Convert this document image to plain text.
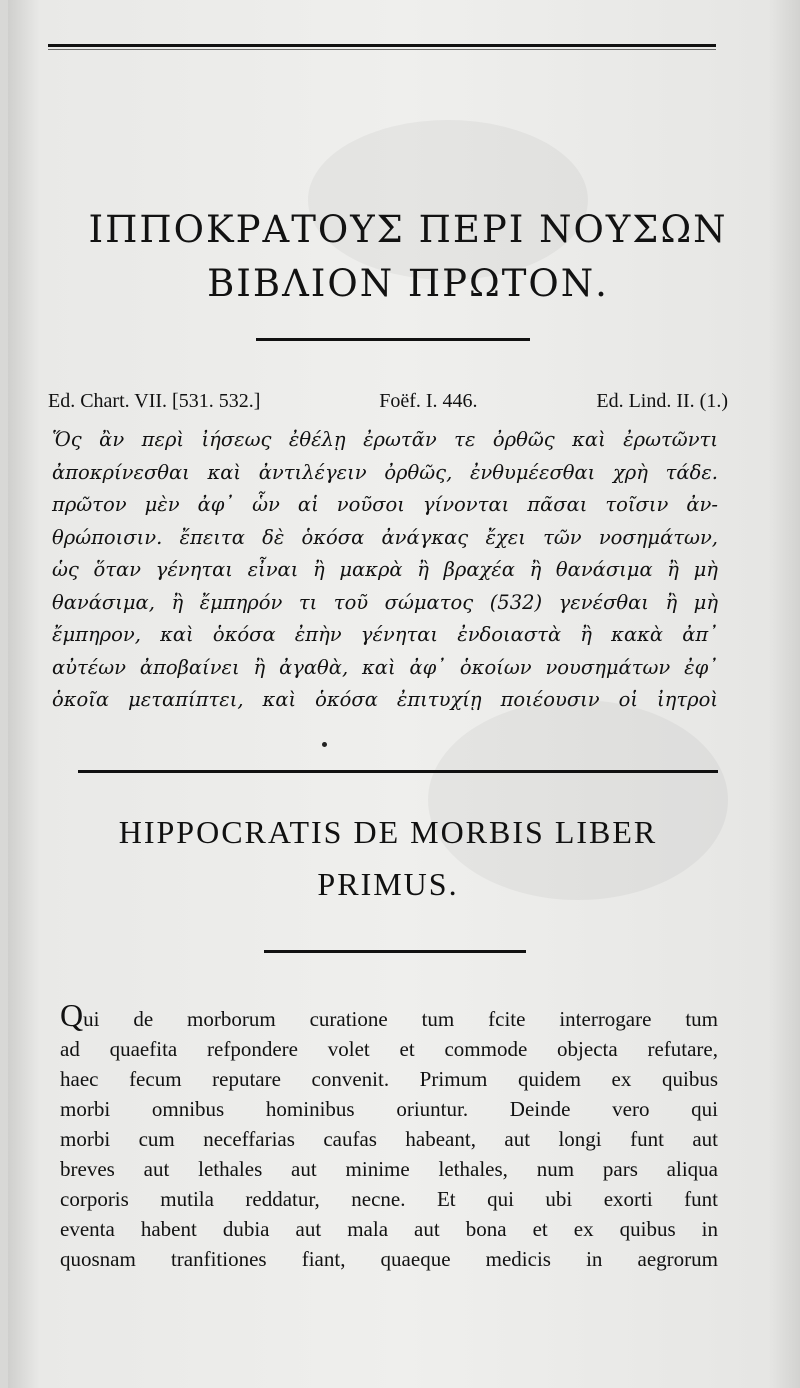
ΙΠΠΟΚΡΑΤΟΥΣ ΠΕΡΙ ΝΟΥΣΩΝ
ΒΙΒΛΙΟΝ ΠΡΩΤΟΝ.
Ed. Chart. VII. [531. 532.]	Foëf. I. 446.	Ed. Lind. II. (1.)
Ὅς ἂν περὶ ἰήσεως ἐθέλῃ ἐρωτᾶν τε ὀρθῶς καὶ ἐρωτῶντι
ἀποκρίνεσθαι καὶ ἀντιλέγειν ὀρθῶς, ἐνθυμέεσθαι χρὴ τάδε.
πρῶτον μὲν ἀφ᾿ ὧν αἱ νοῦσοι γίνονται πᾶσαι τοῖσιν ἀν-
θρώποισιν. ἔπειτα δὲ ὁκόσα ἀνάγκας ἔχει τῶν νοσημάτων,
ὡς ὅταν γένηται εἶναι ἢ μακρὰ ἢ βραχέα ἢ θανάσιμα ἢ μὴ
θανάσιμα, ἢ ἔμπηρόν τι τοῦ σώματος (532) γενέσθαι ἢ μὴ
ἔμπηρον, καὶ ὁκόσα ἐπὴν γένηται ἐνδοιαστὰ ἢ κακὰ ἀπ᾿
αὐτέων ἀποβαίνει ἢ ἀγαθὰ, καὶ ἀφ᾿ ὁκοίων νουσημάτων ἐφ᾿
ὁκοῖα μεταπίπτει, καὶ ὁκόσα ἐπιτυχίῃ ποιέουσιν οἱ ἰητροὶ
HIPPOCRATIS DE MORBIS LIBER
PRIMUS.
Qui de morborum curatione tum fcite interrogare tum
ad quaefita refpondere volet et commode objecta refutare,
haec fecum reputare convenit. Primum quidem ex quibus
morbi omnibus hominibus oriuntur. Deinde vero qui
morbi cum neceffarias caufas habeant, aut longi funt aut
breves aut lethales aut minime lethales, num pars aliqua
corporis mutila reddatur, necne. Et qui ubi exorti funt
eventa habent dubia aut mala aut bona et ex quibus in
quosnam tranfitiones fiant, quaeque medicis in aegrorum
